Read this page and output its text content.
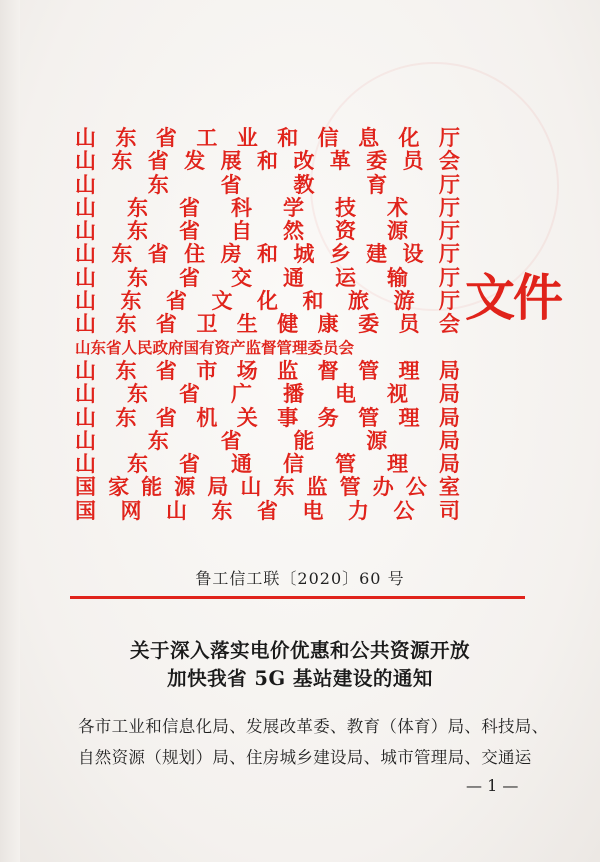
山 东 省 工 业 和 信 息 化 厅
山 东 省 发 展 和 改 革 委 员 会
山 东 省 教 育 厅
山 东 省 科 学 技 术 厅
山 东 省 自 然 资 源 厅
山 东 省 住 房 和 城 乡 建 设 厅
山 东 省 交 通 运 输 厅
山 东 省 文 化 和 旅 游 厅
山 东 省 卫 生 健 康 委 员 会
山东省人民政府国有资产监督管理委员会
山 东 省 市 场 监 督 管 理 局
山 东 省 广 播 电 视 局
山 东 省 机 关 事 务 管 理 局
山 东 省 能 源 局
山 东 省 通 信 管 理 局
国 家 能 源 局 山 东 监 管 办 公 室
国 网 山 东 省 电 力 公 司
文件
鲁工信工联〔2020〕60 号
关于深入落实电价优惠和公共资源开放
加快我省 5G 基站建设的通知
各市工业和信息化局、发展改革委、教育（体育）局、科技局、
自然资源（规划）局、住房城乡建设局、城市管理局、交通运
— 1 —
